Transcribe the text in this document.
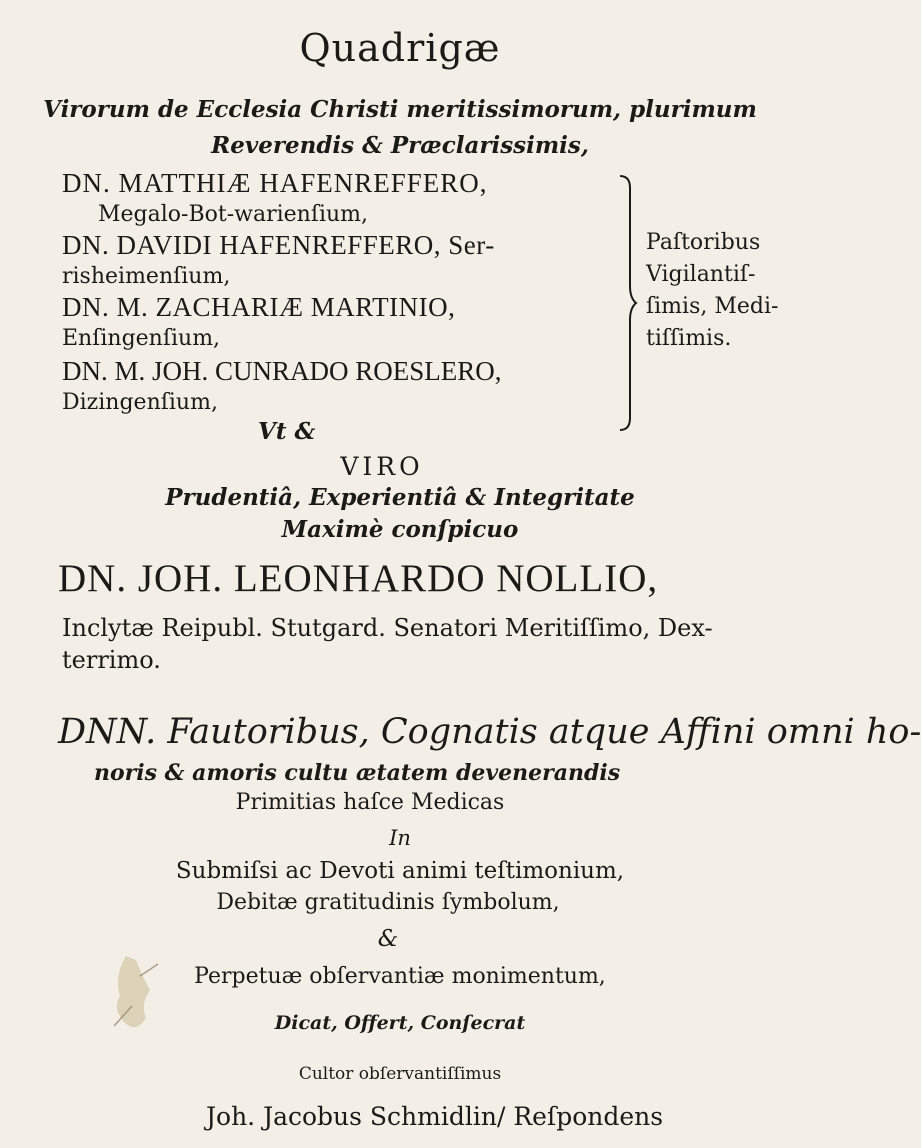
Quadrigæ
Virorum de Ecclesia Christi meritissimorum, plurimum
Reverendis & Præclarissimis,
DN. MATTHIÆ HAFENREFFERO,
Megalo-Bot-warienſium,
DN. DAVIDI HAFENREFFERO, Ser-
risheimenſium,
DN. M. ZACHARIÆ MARTINIO,
Enſingenſium,
DN. M. JOH. CUNRADO ROESLERO,
Dizingenſium,
Paſtoribus
Vigilantiſ-
ſimis, Medi-
tiſſimis.
Vt &
VIRO
Prudentiâ, Experientiâ & Integritate
Maximè conſpicuo
DN. JOH. LEONHARDO NOLLIO,
Inclytæ Reipubl. Stutgard. Senatori Meritiſſimo, Dex-
terrimo.
DNN. Fautoribus, Cognatis atque Affini omni ho-
noris & amoris cultu ætatem devenerandis
Primitias haſce Medicas
In
Submiſsi ac Devoti animi teſtimonium,
Debitæ gratitudinis ſymbolum,
&
Perpetuæ obſervantiæ monimentum,
Dicat, Offert, Conſecrat
Cultor obſervantiſſimus
Joh. Jacobus Schmidlin/ Reſpondens
